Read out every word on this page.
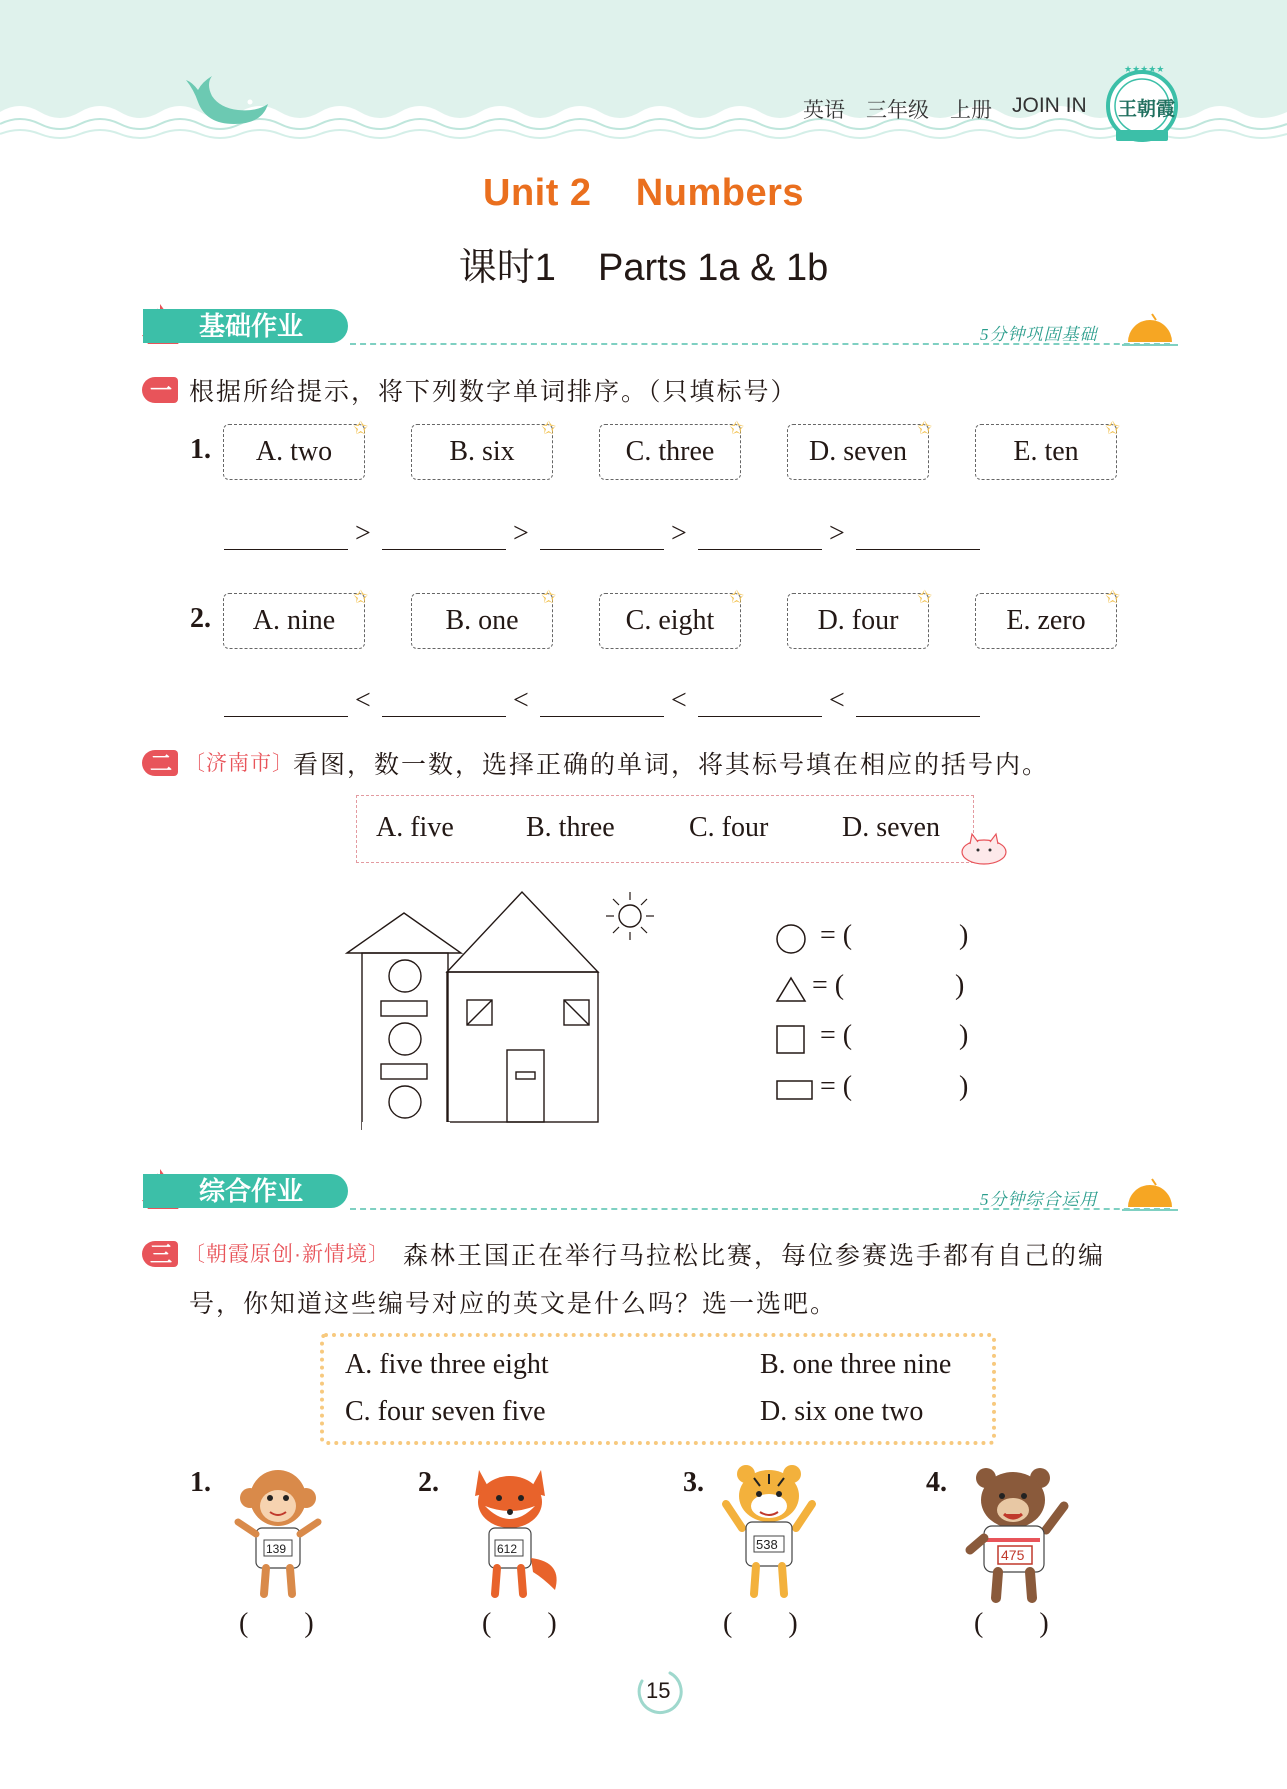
英语 三年级 上册 JOIN IN
★★★★★
王朝霞
Unit 2    Numbers
课时1    Parts 1a & 1b
基础作业	5分钟巩固基础
一 根据所给提示，将下列数字单词排序。（只填标号）
1.	A. two	B. six	C. three	D. seven	E. ten
✩	✩	✩	✩	✩
>	>	>	>
2.	A. nine	B. one	C. eight	D. four	E. zero
✩	✩	✩	✩	✩
<	<	<	<
二 〔济南市〕 看图，数一数，选择正确的单词，将其标号填在相应的括号内。
A. five	B. three	C. four	D. seven
= (	)
= (	)
= (	)
= (	)
综合作业	5分钟综合运用
三 〔朝霞原创·新情境〕 森林王国正在举行马拉松比赛，每位参赛选手都有自己的编
号，你知道这些编号对应的英文是什么吗？选一选吧。
A. five three eight	B. one three nine
C. four seven five	D. six one two
1.
139
(        )
2.
612
(        )
3.
538
(        )
4.
475
(        )
15
